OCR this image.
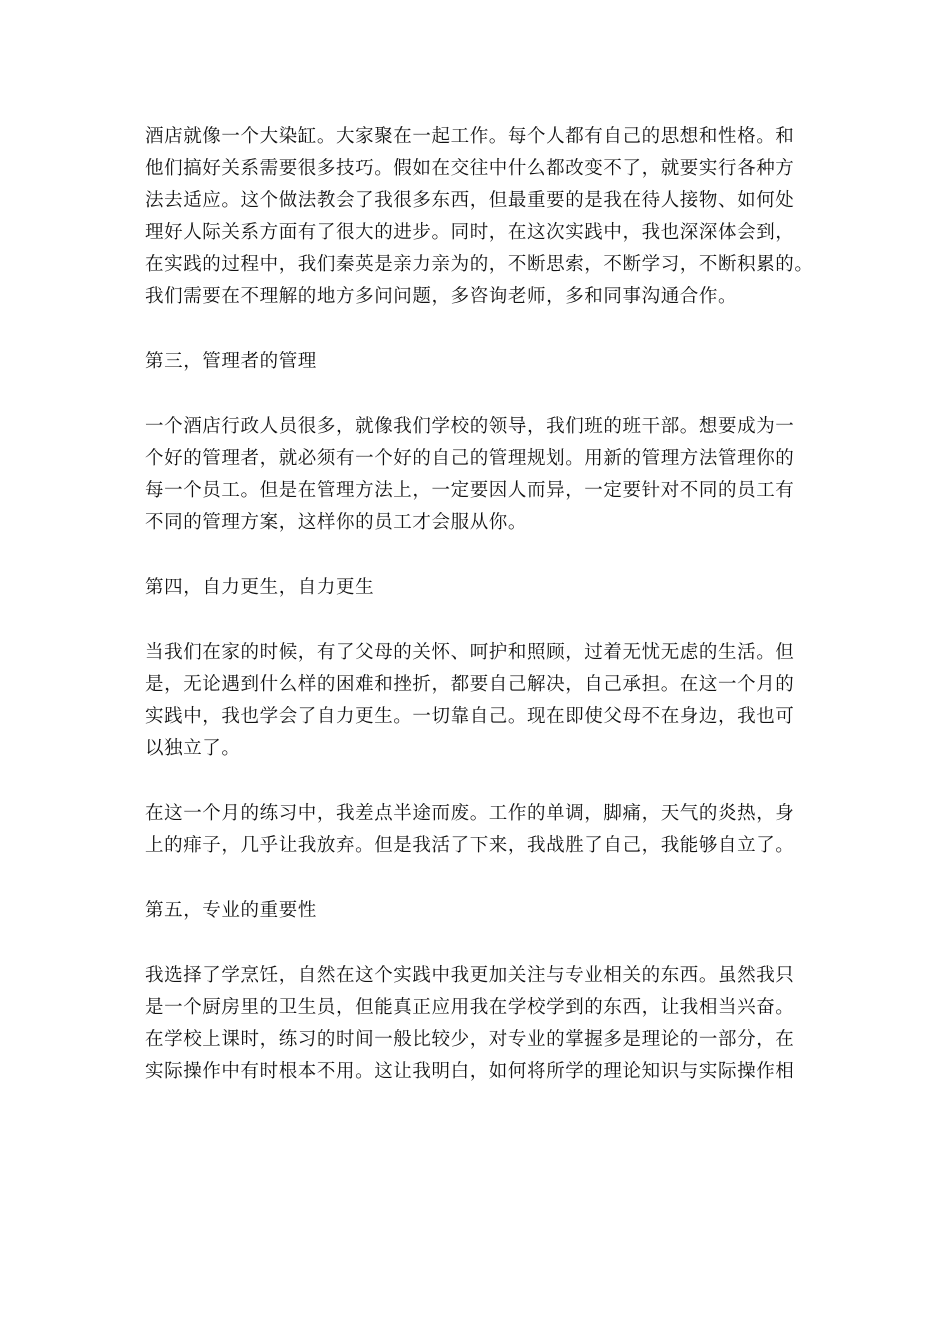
酒店就像一个大染缸。大家聚在一起工作。每个人都有自己的思想和性格。和
他们搞好关系需要很多技巧。假如在交往中什么都改变不了，就要实行各种方
法去适应。这个做法教会了我很多东西，但最重要的是我在待人接物、如何处
理好人际关系方面有了很大的进步。同时，在这次实践中，我也深深体会到，
在实践的过程中，我们秦英是亲力亲为的，不断思索，不断学习，不断积累的。
我们需要在不理解的地方多问问题，多咨询老师，多和同事沟通合作。
第三，管理者的管理
一个酒店行政人员很多，就像我们学校的领导，我们班的班干部。想要成为一
个好的管理者，就必须有一个好的自己的管理规划。用新的管理方法管理你的
每一个员工。但是在管理方法上，一定要因人而异，一定要针对不同的员工有
不同的管理方案，这样你的员工才会服从你。
第四，自力更生，自力更生
当我们在家的时候，有了父母的关怀、呵护和照顾，过着无忧无虑的生活。但
是，无论遇到什么样的困难和挫折，都要自己解决，自己承担。在这一个月的
实践中，我也学会了自力更生。一切靠自己。现在即使父母不在身边，我也可
以独立了。
在这一个月的练习中，我差点半途而废。工作的单调，脚痛，天气的炎热，身
上的痱子，几乎让我放弃。但是我活了下来，我战胜了自己，我能够自立了。
第五，专业的重要性
我选择了学烹饪，自然在这个实践中我更加关注与专业相关的东西。虽然我只
是一个厨房里的卫生员，但能真正应用我在学校学到的东西，让我相当兴奋。
在学校上课时，练习的时间一般比较少，对专业的掌握多是理论的一部分，在
实际操作中有时根本不用。这让我明白，如何将所学的理论知识与实际操作相
